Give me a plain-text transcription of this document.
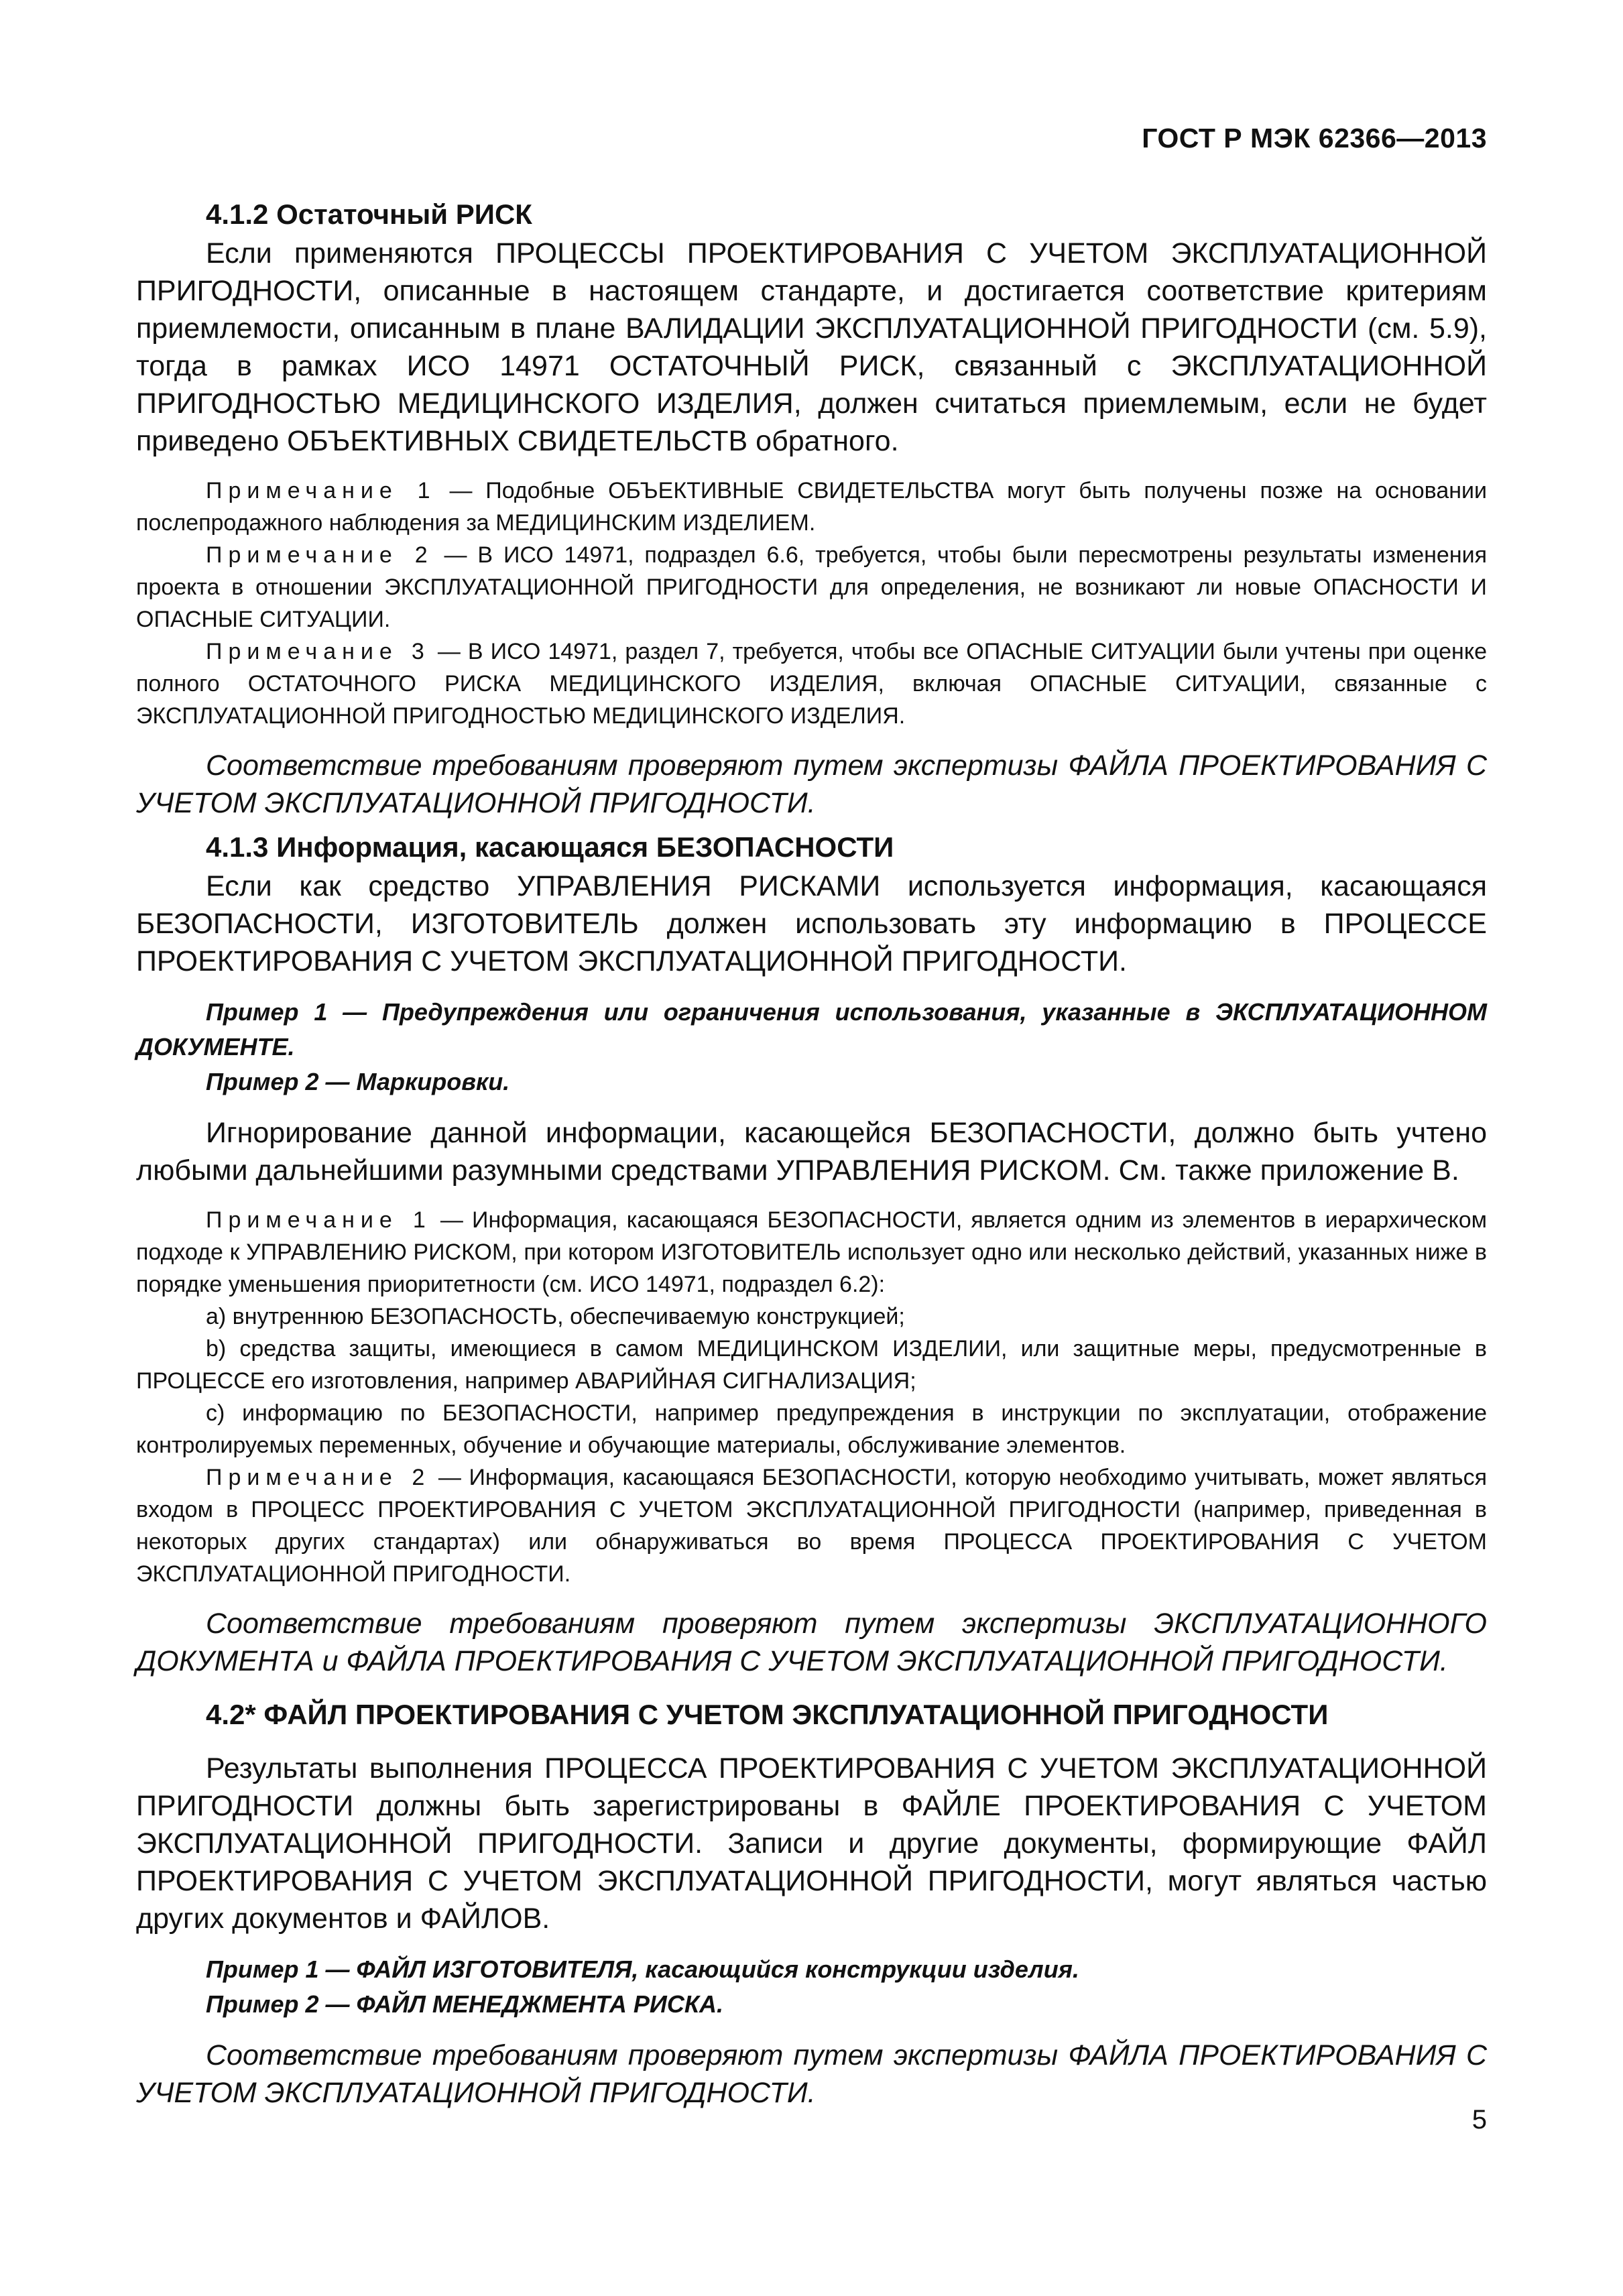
ГОСТ Р МЭК 62366—2013

4.1.2 Остаточный РИСК

Если применяются ПРОЦЕССЫ ПРОЕКТИРОВАНИЯ С УЧЕТОМ ЭКСПЛУАТАЦИОННОЙ ПРИГОДНОСТИ, описанные в настоящем стандарте, и достигается соответствие критериям приемлемости, описанным в плане ВАЛИДАЦИИ ЭКСПЛУАТАЦИОННОЙ ПРИГОДНОСТИ (см. 5.9), тогда в рамках ИСО 14971 ОСТАТОЧНЫЙ РИСК, связанный с ЭКСПЛУАТАЦИОННОЙ ПРИГОДНОСТЬЮ МЕДИЦИНСКОГО ИЗДЕЛИЯ, должен считаться приемлемым, если не будет приведено ОБЪЕКТИВНЫХ СВИДЕТЕЛЬСТВ обратного.

Примечание 1 — Подобные ОБЪЕКТИВНЫЕ СВИДЕТЕЛЬСТВА могут быть получены позже на основании послепродажного наблюдения за МЕДИЦИНСКИМ ИЗДЕЛИЕМ.

Примечание 2 — В ИСО 14971, подраздел 6.6, требуется, чтобы были пересмотрены результаты изменения проекта в отношении ЭКСПЛУАТАЦИОННОЙ ПРИГОДНОСТИ для определения, не возникают ли новые ОПАСНОСТИ И ОПАСНЫЕ СИТУАЦИИ.

Примечание 3 — В ИСО 14971, раздел 7, требуется, чтобы все ОПАСНЫЕ СИТУАЦИИ были учтены при оценке полного ОСТАТОЧНОГО РИСКА МЕДИЦИНСКОГО ИЗДЕЛИЯ, включая ОПАСНЫЕ СИТУАЦИИ, связанные с ЭКСПЛУАТАЦИОННОЙ ПРИГОДНОСТЬЮ МЕДИЦИНСКОГО ИЗДЕЛИЯ.

Соответствие требованиям проверяют путем экспертизы ФАЙЛА ПРОЕКТИРОВАНИЯ С УЧЕТОМ ЭКСПЛУАТАЦИОННОЙ ПРИГОДНОСТИ.

4.1.3 Информация, касающаяся БЕЗОПАСНОСТИ

Если как средство УПРАВЛЕНИЯ РИСКАМИ используется информация, касающаяся БЕЗОПАСНОСТИ, ИЗГОТОВИТЕЛЬ должен использовать эту информацию в ПРОЦЕССЕ ПРОЕКТИРОВАНИЯ С УЧЕТОМ ЭКСПЛУАТАЦИОННОЙ ПРИГОДНОСТИ.

Пример 1 — Предупреждения или ограничения использования, указанные в ЭКСПЛУАТАЦИОННОМ ДОКУМЕНТЕ.

Пример 2 — Маркировки.

Игнорирование данной информации, касающейся БЕЗОПАСНОСТИ, должно быть учтено любыми дальнейшими разумными средствами УПРАВЛЕНИЯ РИСКОМ. См. также приложение В.

Примечание 1 — Информация, касающаяся БЕЗОПАСНОСТИ, является одним из элементов в иерархическом подходе к УПРАВЛЕНИЮ РИСКОМ, при котором ИЗГОТОВИТЕЛЬ использует одно или несколько действий, указанных ниже в порядке уменьшения приоритетности (см. ИСО 14971, подраздел 6.2):

а) внутреннюю БЕЗОПАСНОСТЬ, обеспечиваемую конструкцией;

b) средства защиты, имеющиеся в самом МЕДИЦИНСКОМ ИЗДЕЛИИ, или защитные меры, предусмотренные в ПРОЦЕССЕ его изготовления, например АВАРИЙНАЯ СИГНАЛИЗАЦИЯ;

с) информацию по БЕЗОПАСНОСТИ, например предупреждения в инструкции по эксплуатации, отображение контролируемых переменных, обучение и обучающие материалы, обслуживание элементов.

Примечание 2 — Информация, касающаяся БЕЗОПАСНОСТИ, которую необходимо учитывать, может являться входом в ПРОЦЕСС ПРОЕКТИРОВАНИЯ С УЧЕТОМ ЭКСПЛУАТАЦИОННОЙ ПРИГОДНОСТИ (например, приведенная в некоторых других стандартах) или обнаруживаться во время ПРОЦЕССА ПРОЕКТИРОВАНИЯ С УЧЕТОМ ЭКСПЛУАТАЦИОННОЙ ПРИГОДНОСТИ.

Соответствие требованиям проверяют путем экспертизы ЭКСПЛУАТАЦИОННОГО ДОКУМЕНТА и ФАЙЛА ПРОЕКТИРОВАНИЯ С УЧЕТОМ ЭКСПЛУАТАЦИОННОЙ ПРИГОДНОСТИ.

4.2* ФАЙЛ ПРОЕКТИРОВАНИЯ С УЧЕТОМ ЭКСПЛУАТАЦИОННОЙ ПРИГОДНОСТИ

Результаты выполнения ПРОЦЕССА ПРОЕКТИРОВАНИЯ С УЧЕТОМ ЭКСПЛУАТАЦИОННОЙ ПРИГОДНОСТИ должны быть зарегистрированы в ФАЙЛЕ ПРОЕКТИРОВАНИЯ С УЧЕТОМ ЭКСПЛУАТАЦИОННОЙ ПРИГОДНОСТИ. Записи и другие документы, формирующие ФАЙЛ ПРОЕКТИРОВАНИЯ С УЧЕТОМ ЭКСПЛУАТАЦИОННОЙ ПРИГОДНОСТИ, могут являться частью других документов и ФАЙЛОВ.

Пример 1 — ФАЙЛ ИЗГОТОВИТЕЛЯ, касающийся конструкции изделия.

Пример 2 — ФАЙЛ МЕНЕДЖМЕНТА РИСКА.

Соответствие требованиям проверяют путем экспертизы ФАЙЛА ПРОЕКТИРОВАНИЯ С УЧЕТОМ ЭКСПЛУАТАЦИОННОЙ ПРИГОДНОСТИ.

5
